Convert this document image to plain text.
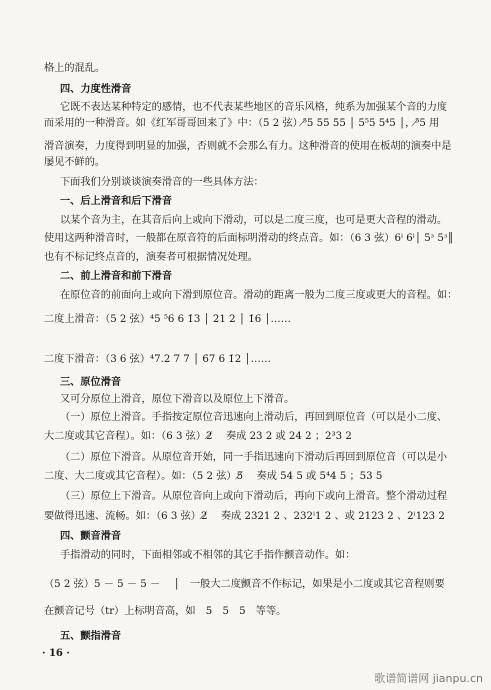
格上的混乱。
四、力度性滑音
它既不表达某种特定的感情，也不代表某些地区的音乐风格，纯系为加强某个音的力度
而采用的一种滑音。如《红军哥哥回来了》中：（5 2 弦）⁵̸5 55 5̇5 │ 5⁵5 5⁴5 │，⁵̸5 用
滑音演奏，力度得到明显的加强，否则就不会那么有力。这种滑音的使用在板胡的演奏中是
屡见不鲜的。
下面我们分别谈谈演奏滑音的一些具体方法：
一、后上滑音和后下滑音
以某个音为主，在其音后向上或向下滑动，可以是二度三度，也可是更大音程的滑动。
使用这两种滑音时，一般都在原音符的后面标明滑动的终点音。如：（6 3 弦）6ⁱ 6ⁱ│ 5ᵌ 5ᵌ║
也有不标记终点音的，演奏者可根据情况处理。
二、前上滑音和前下滑音
在原位音的前面向上或向下滑到原位音。滑动的距离一般为二度三度或更大的音程。如：
二度上滑音：（5 2 弦）⁴5 ⁵6 6 1̇3 │ 2̇1 2 │ 1̇6 │……
二度下滑音：（3 6 弦）⁴7.2 7 7 │ 6̇7 6 1̇2 │……
三、原位滑音
又可分原位上滑音，原位下滑音以及原位上下滑音。
（一）原位上滑音。手指按定原位音迅速向上滑动后，再回到原位音（可以是小二度、
大二度或其它音程）。如：（6 3 弦）2̸ 　奏成 23 2 或 24 2 ；2³3 2
（二）原位下滑音。从原位音开始，同一手指迅速向下滑动后再回到原位音（可以是小
二度、大二度或其它音程）。如：（5 2 弦）5̸ 　奏成 54 5 或 5⁴4 5 ；53 5
（三）原位上下滑音。从原位音向上或向下滑动后，再向下或向上滑音。整个滑动过程
要做得迅速、流畅。如：（6 3 弦）2̸ 　奏成 2321 2 、232ⁱ1 2 、或 2123 2 、2ⁱ123 2
四、颤音滑音
手指滑动的同时，下面相邻或不相邻的其它手指作颤音动作。如：
（5 2 弦）5 － 5 － 5 － 　│　一般大二度颤音不作标记，如果是小二度或其它音程则要
在颤音记号（tr）上标明音高，如　5　5　5　等等。
五、颤指滑音
· 16 ·
歌谱简谱网 jianpu.cn
